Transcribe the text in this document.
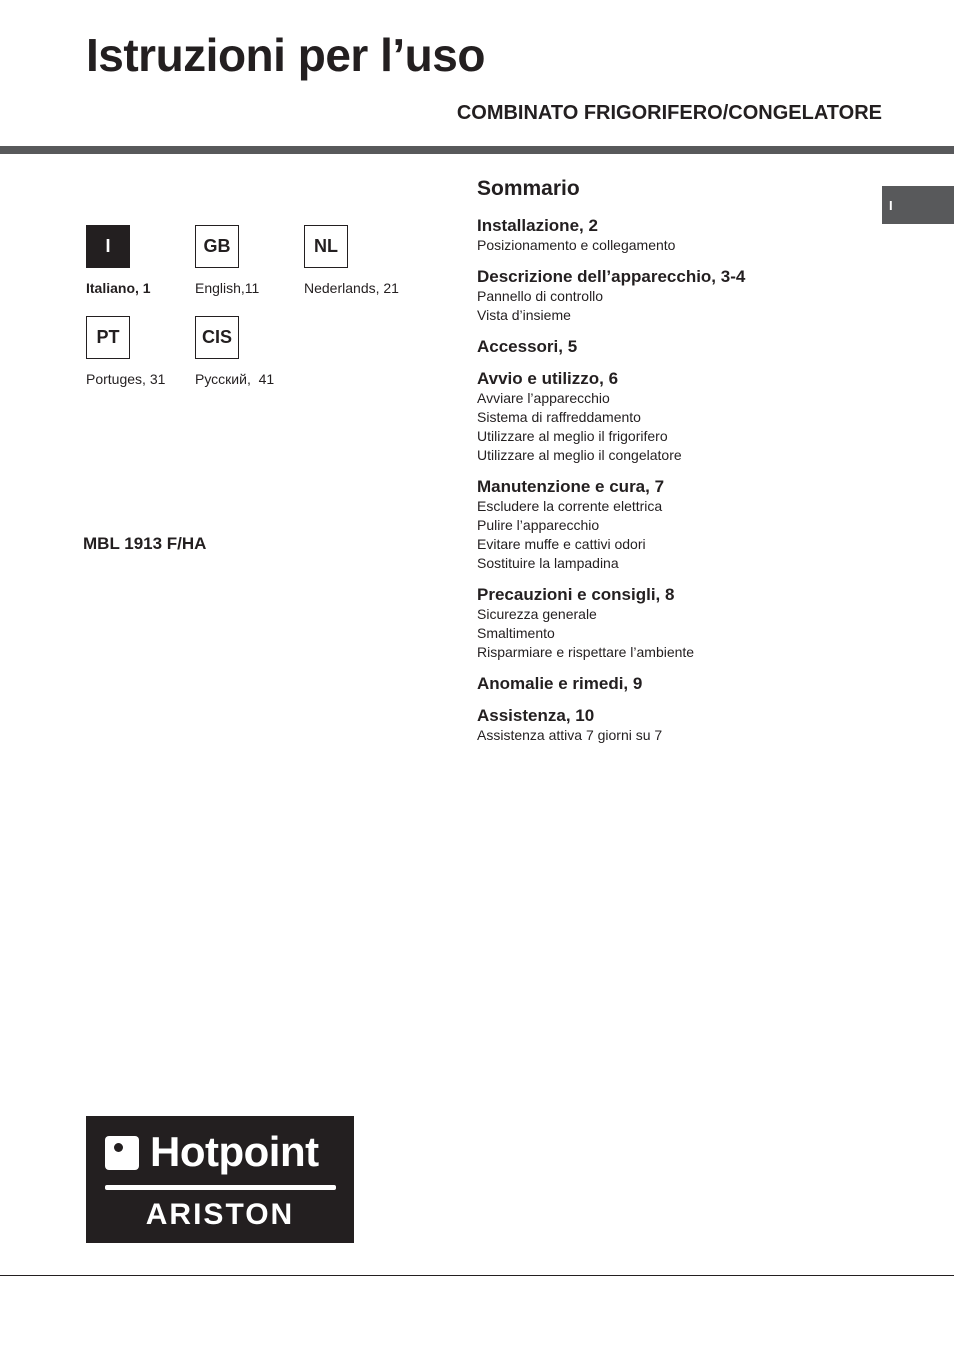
Istruzioni per l’uso
COMBINATO FRIGORIFERO/CONGELATORE
I
I
Italiano, 1
GB
English,11
NL
Nederlands, 21
PT
Portuges, 31
CIS
Русский,  41
MBL 1913 F/HA
Sommario
Installazione, 2
Posizionamento e collegamento
Descrizione dell’apparecchio, 3-4
Pannello di controllo
Vista d’insieme
Accessori, 5
Avvio e utilizzo, 6
Avviare l’apparecchio
Sistema di raffreddamento
Utilizzare al meglio il frigorifero
Utilizzare al meglio il congelatore
Manutenzione e cura, 7
Escludere la corrente elettrica
Pulire l’apparecchio
Evitare muffe e cattivi odori
Sostituire la lampadina
Precauzioni e consigli, 8
Sicurezza generale
Smaltimento
Risparmiare e rispettare l’ambiente
Anomalie e rimedi, 9
Assistenza, 10
Assistenza attiva 7 giorni su 7
Hotpoint
ARISTON
